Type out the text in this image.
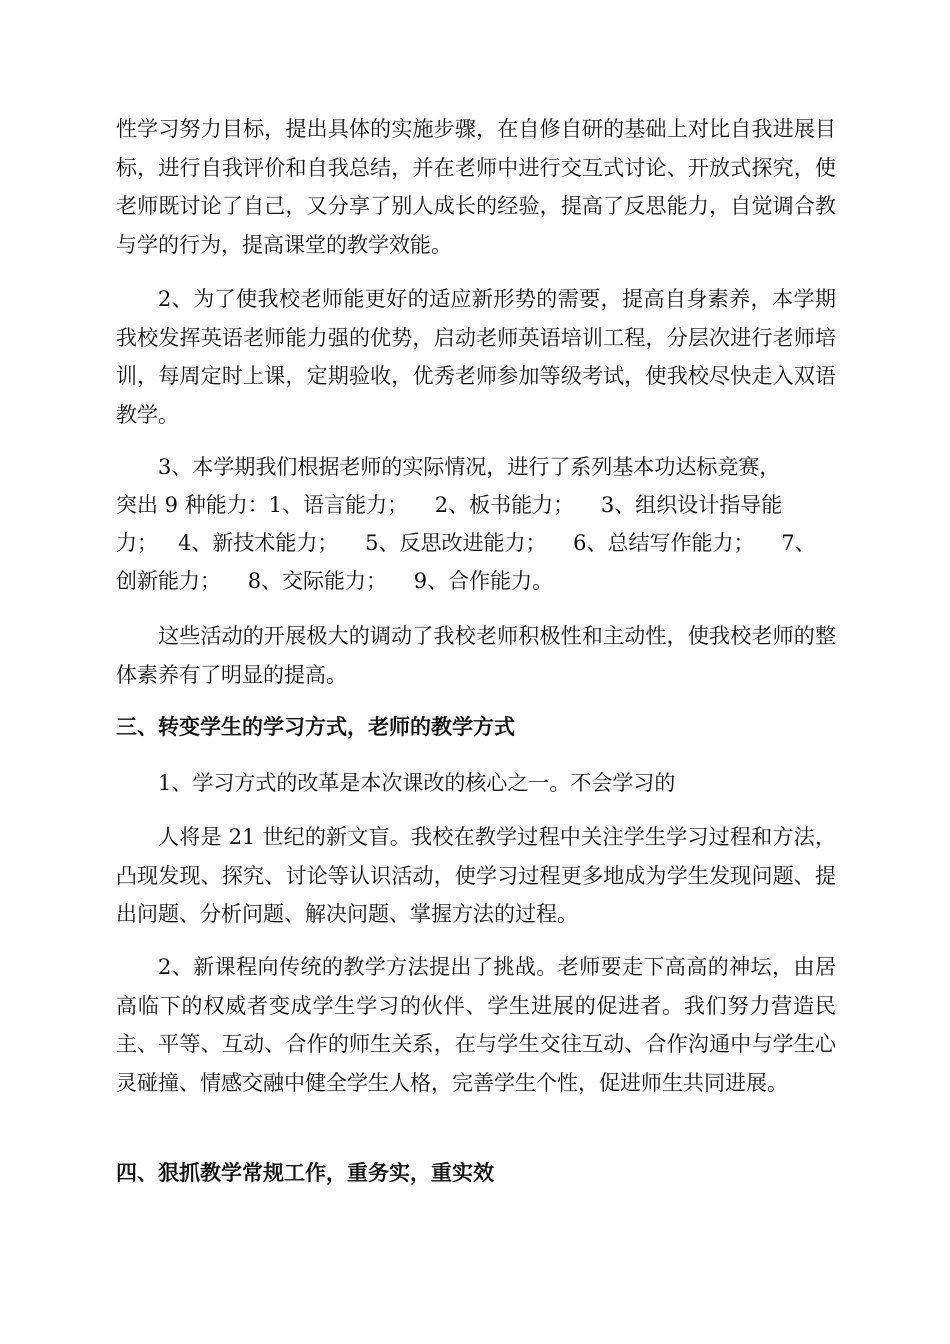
性学习努力目标，提出具体的实施步骤，在自修自研的基础上对比自我进展目标，进行自我评价和自我总结，并在老师中进行交互式讨论、开放式探究，使老师既讨论了自己，又分享了别人成长的经验，提高了反思能力，自觉调合教与学的行为，提高课堂的教学效能。

2、为了使我校老师能更好的适应新形势的需要，提高自身素养，本学期我校发挥英语老师能力强的优势，启动老师英语培训工程，分层次进行老师培训，每周定时上课，定期验收，优秀老师参加等级考试，使我校尽快走入双语教学。

3、本学期我们根据老师的实际情况，进行了系列基本功达标竞赛，

突出 9 种能力：1、语言能力；    2、板书能力；    3、组织设计指导能

力；   4、新技术能力；    5、反思改进能力；    6、总结写作能力；    7、

创新能力；    8、交际能力；    9、合作能力。

这些活动的开展极大的调动了我校老师积极性和主动性，使我校老师的整体素养有了明显的提高。

三、转变学生的学习方式，老师的教学方式

1、学习方式的改革是本次课改的核心之一。不会学习的

人将是 21 世纪的新文盲。我校在教学过程中关注学生学习过程和方法，凸现发现、探究、讨论等认识活动，使学习过程更多地成为学生发现问题、提出问题、分析问题、解决问题、掌握方法的过程。

2、新课程向传统的教学方法提出了挑战。老师要走下高高的神坛，由居高临下的权威者变成学生学习的伙伴、学生进展的促进者。我们努力营造民主、平等、互动、合作的师生关系，在与学生交往互动、合作沟通中与学生心灵碰撞、情感交融中健全学生人格，完善学生个性，促进师生共同进展。

四、狠抓教学常规工作，重务实，重实效
